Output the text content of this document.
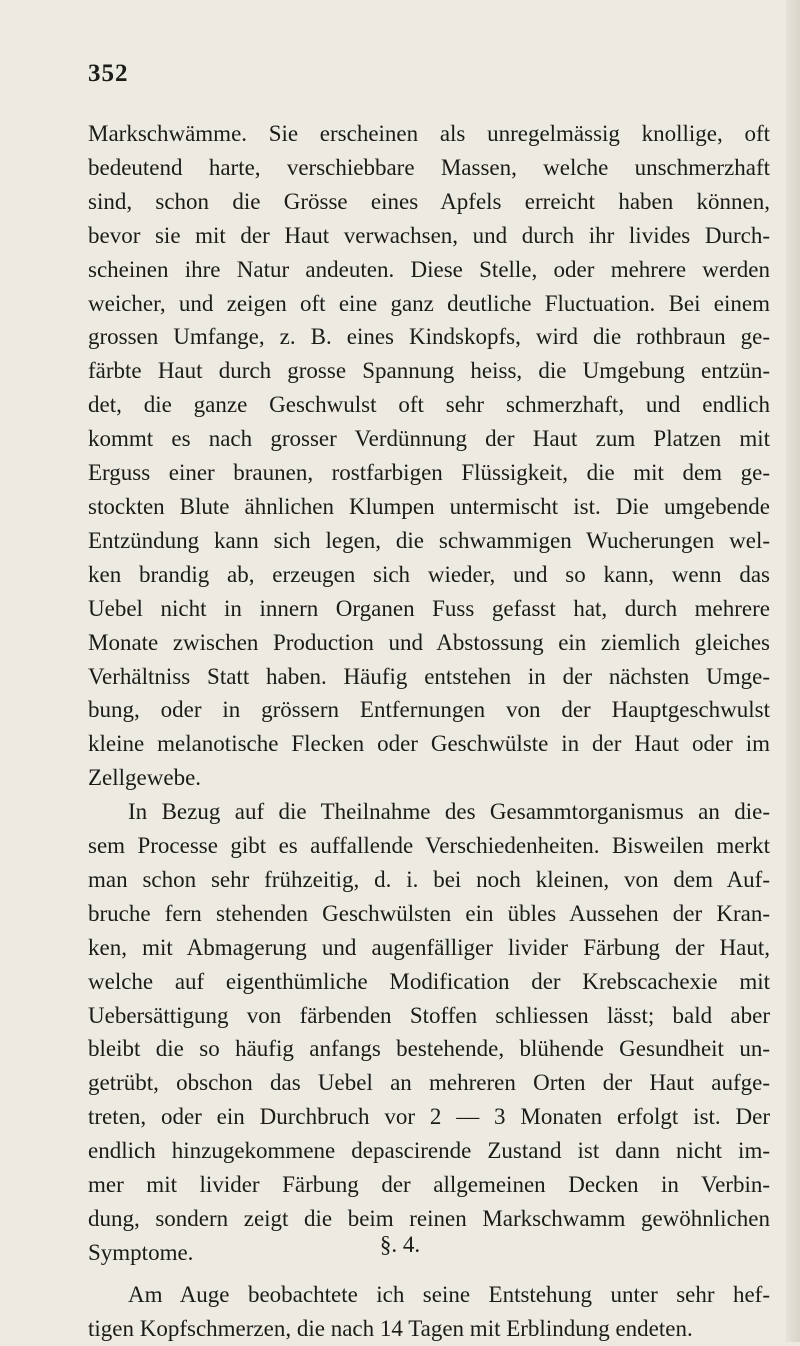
352
Markschwämme. Sie erscheinen als unregelmässig knollige, oft
bedeutend harte, verschiebbare Massen, welche unschmerzhaft
sind, schon die Grösse eines Apfels erreicht haben können,
bevor sie mit der Haut verwachsen, und durch ihr livides Durch-
scheinen ihre Natur andeuten. Diese Stelle, oder mehrere werden
weicher, und zeigen oft eine ganz deutliche Fluctuation. Bei einem
grossen Umfange, z. B. eines Kindskopfs, wird die rothbraun ge-
färbte Haut durch grosse Spannung heiss, die Umgebung entzün-
det, die ganze Geschwulst oft sehr schmerzhaft, und endlich
kommt es nach grosser Verdünnung der Haut zum Platzen mit
Erguss einer braunen, rostfarbigen Flüssigkeit, die mit dem ge-
stockten Blute ähnlichen Klumpen untermischt ist. Die umgebende
Entzündung kann sich legen, die schwammigen Wucherungen wel-
ken brandig ab, erzeugen sich wieder, und so kann, wenn das
Uebel nicht in innern Organen Fuss gefasst hat, durch mehrere
Monate zwischen Production und Abstossung ein ziemlich gleiches
Verhältniss Statt haben. Häufig entstehen in der nächsten Umge-
bung, oder in grössern Entfernungen von der Hauptgeschwulst
kleine melanotische Flecken oder Geschwülste in der Haut oder im
Zellgewebe.
In Bezug auf die Theilnahme des Gesammtorganismus an die-
sem Processe gibt es auffallende Verschiedenheiten. Bisweilen merkt
man schon sehr frühzeitig, d. i. bei noch kleinen, von dem Auf-
bruche fern stehenden Geschwülsten ein übles Aussehen der Kran-
ken, mit Abmagerung und augenfälliger livider Färbung der Haut,
welche auf eigenthümliche Modification der Krebscachexie mit
Uebersättigung von färbenden Stoffen schliessen lässt; bald aber
bleibt die so häufig anfangs bestehende, blühende Gesundheit un-
getrübt, obschon das Uebel an mehreren Orten der Haut aufge-
treten, oder ein Durchbruch vor 2 — 3 Monaten erfolgt ist. Der
endlich hinzugekommene depascirende Zustand ist dann nicht im-
mer mit livider Färbung der allgemeinen Decken in Verbin-
dung, sondern zeigt die beim reinen Markschwamm gewöhnlichen
Symptome.	§. 4.
Am Auge beobachtete ich seine Entstehung unter sehr hef-
tigen Kopfschmerzen, die nach 14 Tagen mit Erblindung endeten.
